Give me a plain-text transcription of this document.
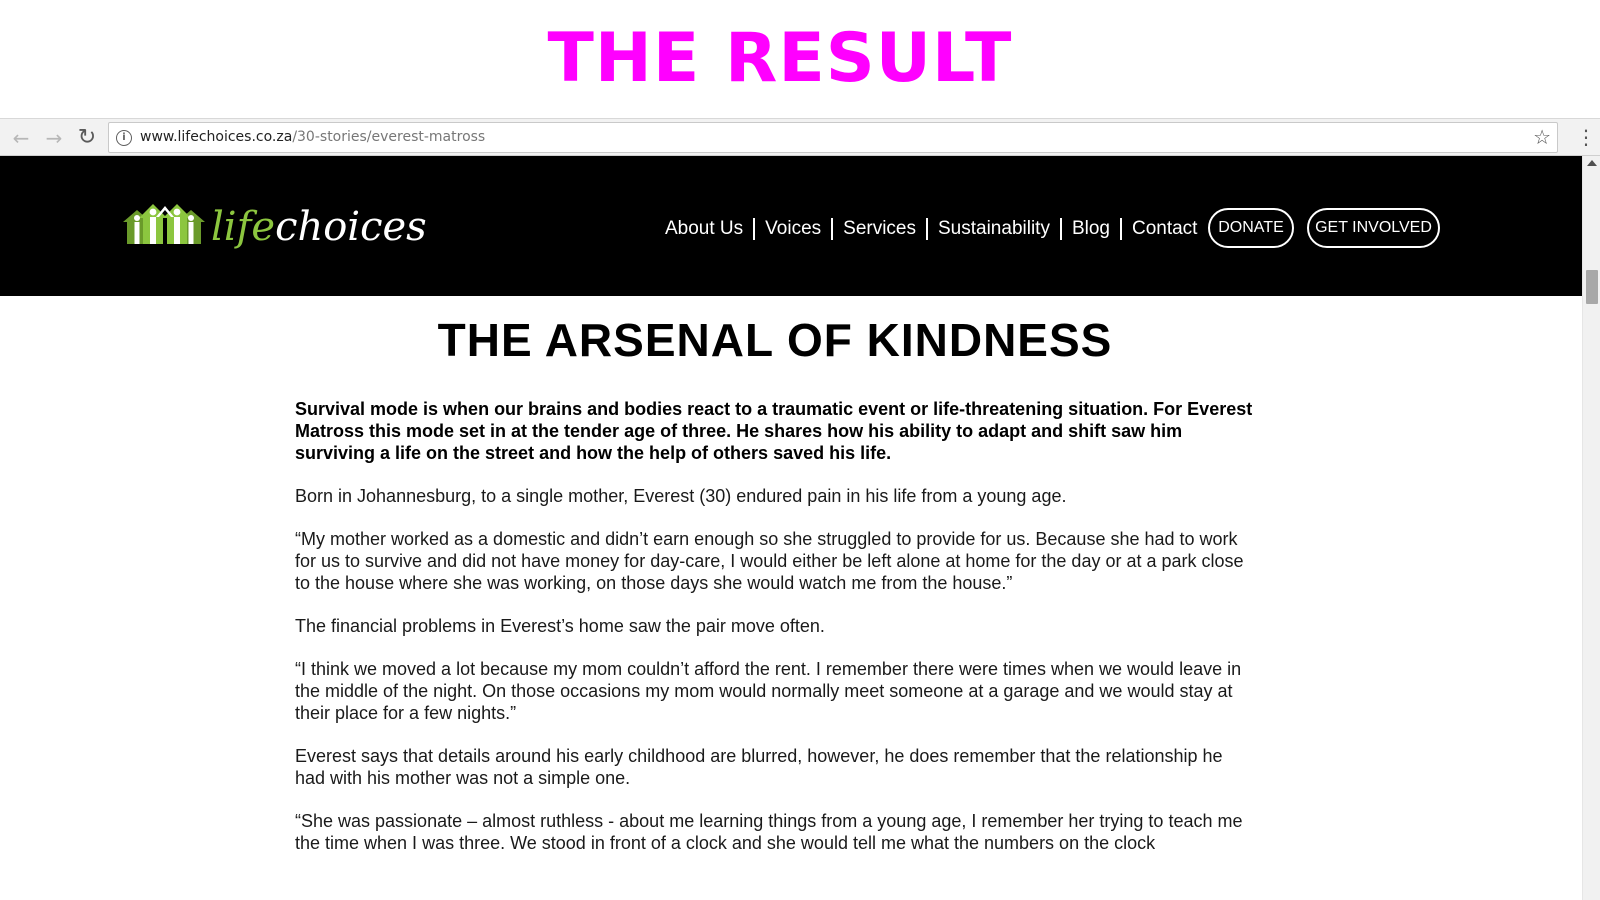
THE RESULT
← → ↻	i	www.lifechoices.co.za/30-stories/everest-matross	☆ ⋮
lifechoices	About Us	Voices	Services	Sustainability	Blog	Contact	DONATE	GET INVOLVED
THE ARSENAL OF KINDNESS

Survival mode is when our brains and bodies react to a traumatic event or life-threatening situation. For Everest Matross this mode set in at the tender age of three. He shares how his ability to adapt and shift saw him surviving a life on the street and how the help of others saved his life.

Born in Johannesburg, to a single mother, Everest (30) endured pain in his life from a young age.

“My mother worked as a domestic and didn’t earn enough so she struggled to provide for us. Because she had to work for us to survive and did not have money for day-care, I would either be left alone at home for the day or at a park close to the house where she was working, on those days she would watch me from the house.”

The financial problems in Everest’s home saw the pair move often.

“I think we moved a lot because my mom couldn’t afford the rent. I remember there were times when we would leave in the middle of the night. On those occasions my mom would normally meet someone at a garage and we would stay at their place for a few nights.”

Everest says that details around his early childhood are blurred, however, he does remember that the relationship he had with his mother was not a simple one.

“She was passionate – almost ruthless - about me learning things from a young age, I remember her trying to teach me the time when I was three. We stood in front of a clock and she would tell me what the numbers on the clock
